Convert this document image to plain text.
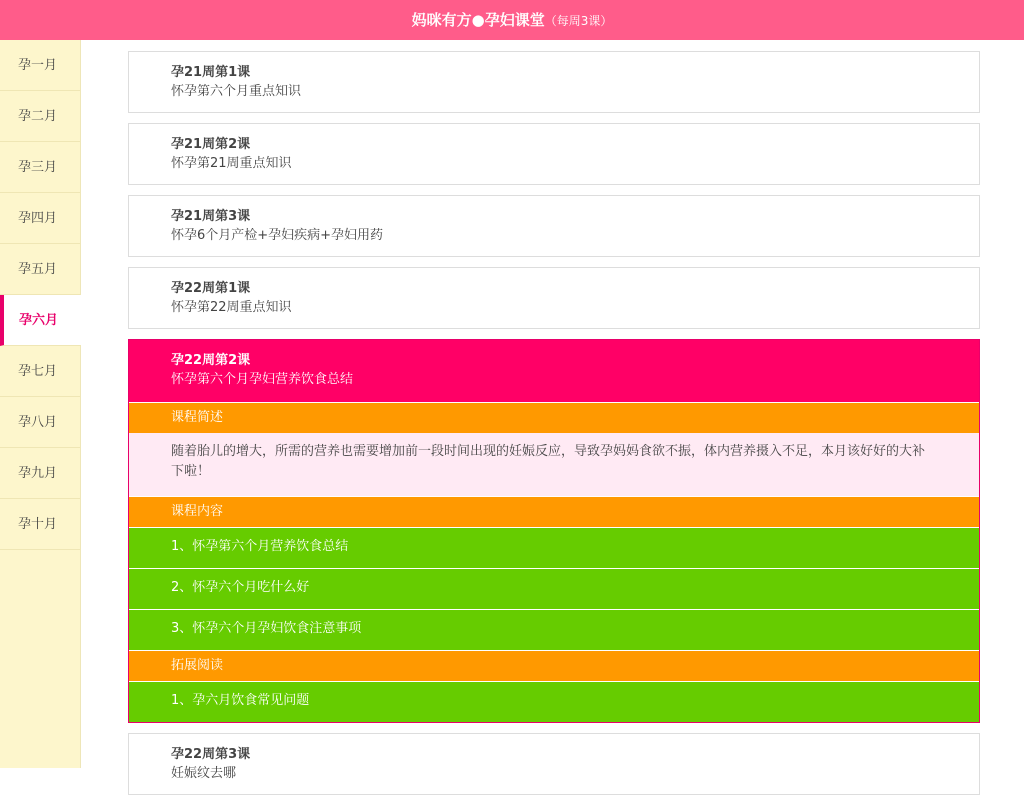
妈咪有方●孕妇课堂（每周3课）
孕一月
孕二月
孕三月
孕四月
孕五月
孕六月
孕七月
孕八月
孕九月
孕十月
孕21周第1课
怀孕第六个月重点知识
孕21周第2课
怀孕第21周重点知识
孕21周第3课
怀孕6个月产检+孕妇疾病+孕妇用药
孕22周第1课
怀孕第22周重点知识
孕22周第2课
怀孕第六个月孕妇营养饮食总结
课程简述
随着胎儿的增大，所需的营养也需要增加前一段时间出现的妊娠反应，导致孕妈妈食欲不振，体内营养摄入不足，本月该好好的大补下啦！
课程内容
1、怀孕第六个月营养饮食总结
2、怀孕六个月吃什么好
3、怀孕六个月孕妇饮食注意事项
拓展阅读
1、孕六月饮食常见问题
孕22周第3课
妊娠纹去哪
